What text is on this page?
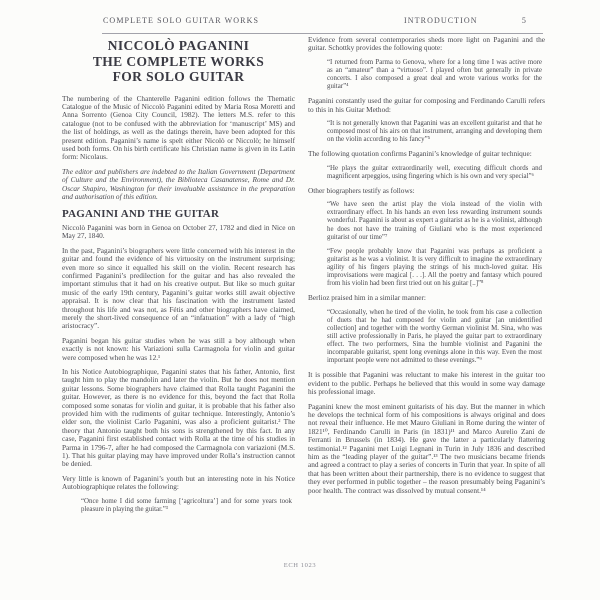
COMPLETE SOLO GUITAR WORKS	INTRODUCTION	5
NICCOLÒ PAGANINI
THE COMPLETE WORKS
FOR SOLO GUITAR

The numbering of the Chanterelle Paganini edition follows the Thematic Catalogue of the Music of Niccolò Paganini edited by Maria Rosa Moretti and Anna Sorrento (Genoa City Council, 1982). The letters M.S. refer to this catalogue (not to be confused with the abbreviation for ‘manuscript’ MS) and the list of holdings, as well as the datings therein, have been adopted for this present edition. Paganini’s name is spelt either Nicolò or Niccolò; he himself used both forms. On his birth certificate his Christian name is given in its Latin form: Nicolaus.

The editor and publishers are indebted to the Italian Government (Department of Culture and the Environment), the Biblioteca Casanatense, Rome and Dr. Oscar Shapiro, Washington for their invaluable assistance in the preparation and authorisation of this edition.

PAGANINI AND THE GUITAR

Niccolò Paganini was born in Genoa on October 27, 1782 and died in Nice on May 27, 1840.

In the past, Paganini’s biographers were little concerned with his interest in the guitar and found the evidence of his virtuosity on the instrument surprising; even more so since it equalled his skill on the violin. Recent research has confirmed Paganini’s predilection for the guitar and has also revealed the important stimulus that it had on his creative output. But like so much guitar music of the early 19th century, Paganini’s guitar works still await objective appraisal. It is now clear that his fascination with the instrument lasted throughout his life and was not, as Fétis and other biographers have claimed, merely the short-lived consequence of an “infatuation” with a lady of “high aristocracy”.

Paganini began his guitar studies when he was still a boy although when exactly is not known: his Variazioni sulla Carmagnola for violin and guitar were composed when he was 12.¹

In his Notice Autobiographique, Paganini states that his father, Antonio, first taught him to play the mandolin and later the violin. But he does not mention guitar lessons. Some biographers have claimed that Rolla taught Paganini the guitar. However, as there is no evidence for this, beyond the fact that Rolla composed some sonatas for violin and guitar, it is probable that his father also provided him with the rudiments of guitar technique. Interestingly, Antonio’s elder son, the violinist Carlo Paganini, was also a proficient guitarist.² The theory that Antonio taught both his sons is strengthened by this fact. In any case, Paganini first established contact with Rolla at the time of his studies in Parma in 1796-7, after he had composed the Carmagnola con variazioni (M.S. 1). That his guitar playing may have improved under Rolla’s instruction cannot be denied.

Very little is known of Paganini’s youth but an interesting note in his Notice Autobiographique relates the following:

“Once home I did some farming [‘agricoltura’] and for some years took pleasure in playing the guitar.”³

Evidence from several contemporaries sheds more light on Paganini and the guitar. Schottky provides the following quote:

“I returned from Parma to Genova, where for a long time I was active more as an “amateur” than a “virtuoso”. I played often but generally in private concerts. I also composed a great deal and wrote various works for the guitar”⁴

Paganini constantly used the guitar for composing and Ferdinando Carulli refers to this in his Guitar Method:

“It is not generally known that Paganini was an excellent guitarist and that he composed most of his airs on that instrument, arranging and developing them on the violin according to his fancy”⁵

The following quotation confirms Paganini’s knowledge of guitar technique:

“He plays the guitar extraordinarily well, executing difficult chords and magnificent arpeggios, using fingering which is his own and very special”⁶

Other biographers testify as follows:

“We have seen the artist play the viola instead of the violin with extraordinary effect. In his hands an even less rewarding instrument sounds wonderful. Paganini is about as expert a guitarist as he is a violinist, although he does not have the training of Giuliani who is the most experienced guitarist of our time”⁷

“Few people probably know that Paganini was perhaps as proficient a guitarist as he was a violinist. It is very difficult to imagine the extraordinary agility of his fingers playing the strings of his much-loved guitar. His improvisations were magical [. . .]. All the poetry and fantasy which poured from his violin had been first tried out on his guitar [..]”⁸

Berlioz praised him in a similar manner:

“Occasionally, when he tired of the violin, he took from his case a collection of duets that he had composed for violin and guitar [an unidentified collection] and together with the worthy German violinist M. Sina, who was still active professionally in Paris, he played the guitar part to extraordinary effect. The two performers, Sina the humble violinist and Paganini the incomparable guitarist, spent long evenings alone in this way. Even the most important people were not admitted to these evenings.”⁹

It is possible that Paganini was reluctant to make his interest in the guitar too evident to the public. Perhaps he believed that this would in some way damage his professional image.

Paganini knew the most eminent guitarists of his day. But the manner in which he develops the technical form of his compositions is always original and does not reveal their influence. He met Mauro Giuliani in Rome during the winter of 1821¹⁰, Ferdinando Carulli in Paris (in 1831)¹¹ and Marco Aurelio Zani de Ferranti in Brussels (in 1834). He gave the latter a particularly flattering testimonial.¹² Paganini met Luigi Legnani in Turin in July 1836 and described him as the “leading player of the guitar”.¹³ The two musicians became friends and agreed a contract to play a series of concerts in Turin that year. In spite of all that has been written about their partnership, there is no evidence to suggest that they ever performed in public together – the reason presumably being Paganini’s poor health. The contract was dissolved by mutual consent.¹⁴

ECH 1023
